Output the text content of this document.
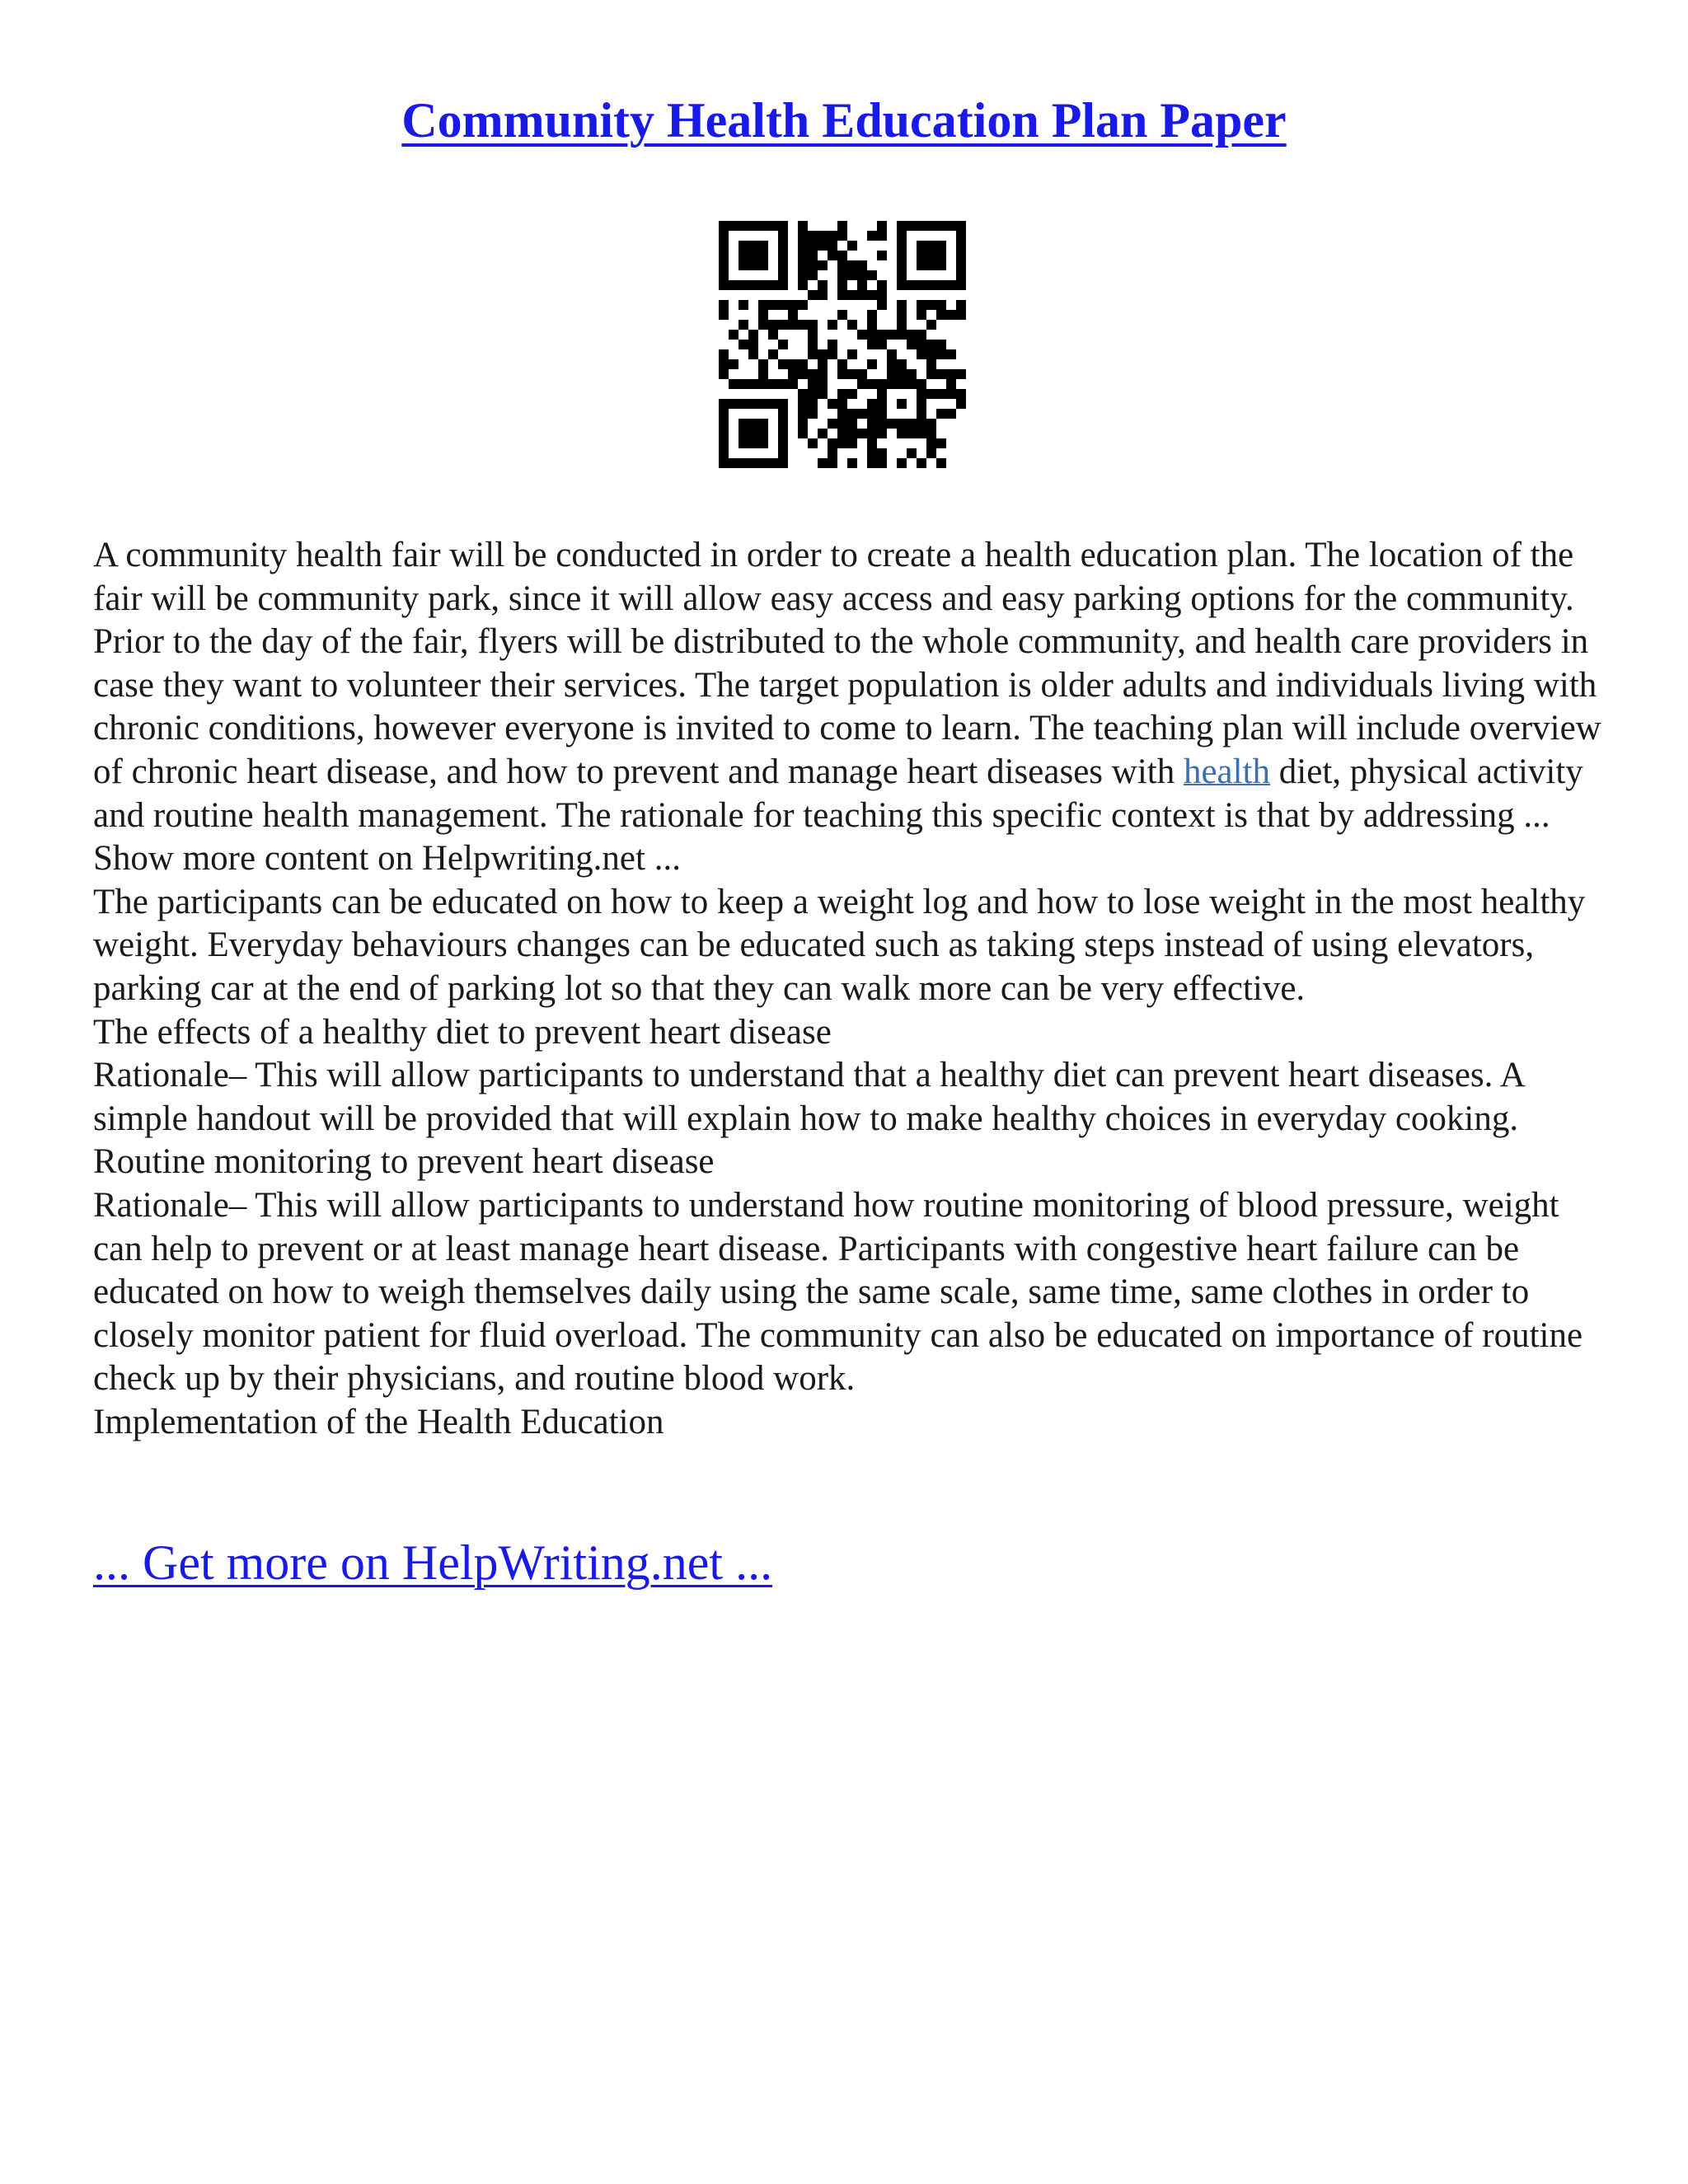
Community Health Education Plan Paper

A community health fair will be conducted in order to create a health education plan. The location of the fair will be community park, since it will allow easy access and easy parking options for the community. Prior to the day of the fair, flyers will be distributed to the whole community, and health care providers in case they want to volunteer their services. The target population is older adults and individuals living with chronic conditions, however everyone is invited to come to learn. The teaching plan will include overview of chronic heart disease, and how to prevent and manage heart diseases with health diet, physical activity and routine health management. The rationale for teaching this specific context is that by addressing ... Show more content on Helpwriting.net ...

The participants can be educated on how to keep a weight log and how to lose weight in the most healthy weight. Everyday behaviours changes can be educated such as taking steps instead of using elevators, parking car at the end of parking lot so that they can walk more can be very effective.

The effects of a healthy diet to prevent heart disease

Rationale– This will allow participants to understand that a healthy diet can prevent heart diseases. A simple handout will be provided that will explain how to make healthy choices in everyday cooking.

Routine monitoring to prevent heart disease

Rationale– This will allow participants to understand how routine monitoring of blood pressure, weight can help to prevent or at least manage heart disease. Participants with congestive heart failure can be educated on how to weigh themselves daily using the same scale, same time, same clothes in order to closely monitor patient for fluid overload. The community can also be educated on importance of routine check up by their physicians, and routine blood work.

Implementation of the Health Education

... Get more on HelpWriting.net ...
